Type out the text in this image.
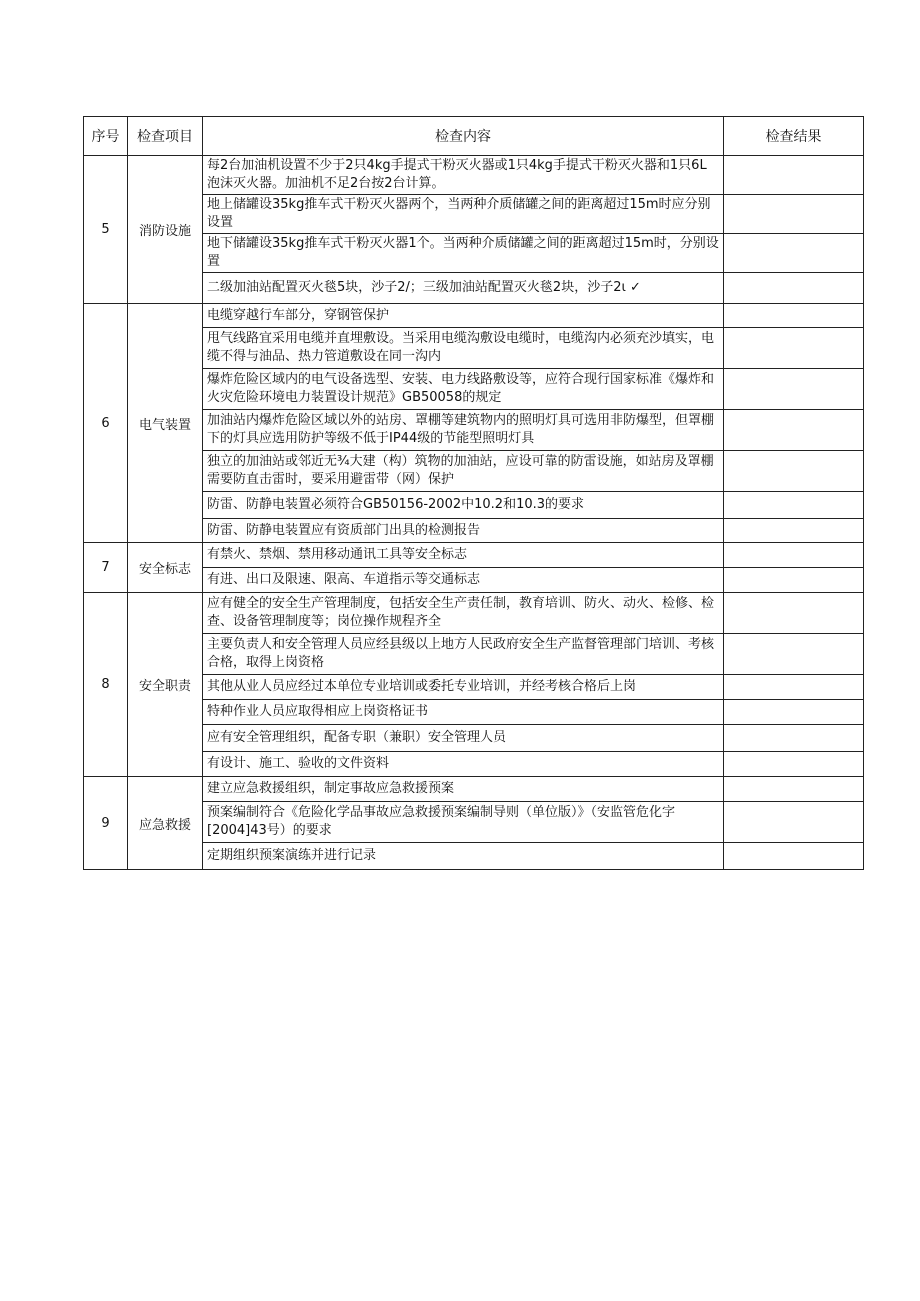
序号	检查项目	检查内容	检查结果
5	消防设施	每2台加油机设置不少于2只4kg手提式干粉灭火器或1只4kg手提式干粉灭火器和1只6L泡沫灭火器。加油机不足2台按2台计算。	
		地上储罐设35kg推车式干粉灭火器两个，当两种介质储罐之间的距离超过15m时应分别设置	
		地下储罐设35kg推车式干粉灭火器1个。当两种介质储罐之间的距离超过15m时，分别设置	
		二级加油站配置灭火毯5块，沙子2/；三级加油站配置灭火毯2块，沙子2ι ✓	
6	电气装置	电缆穿越行车部分，穿钢管保护	
		甩气线路宜采用电缆并直埋敷设。当采用电缆沟敷设电缆时，电缆沟内必须充沙填实，电缆不得与油品、热力管道敷设在同一沟内	
		爆炸危险区域内的电气设备选型、安装、电力线路敷设等，应符合现行国家标准《爆炸和火灾危险环境电力装置设计规范》GB50058的规定	
		加油站内爆炸危险区域以外的站房、罩棚等建筑物内的照明灯具可选用非防爆型，但罩棚下的灯具应选用防护等级不低于IP44级的节能型照明灯具	
		独立的加油站或邻近无¾大建（构）筑物的加油站，应设可靠的防雷设施，如站房及罩棚需要防直击雷时，要采用避雷带（网）保护	
		防雷、防静电装置必须符合GB50156-2002中10.2和10.3的要求	
		防雷、防静电装置应有资质部门出具的检测报告	
7	安全标志	有禁火、禁烟、禁用移动通讯工具等安全标志	
		有进、出口及限速、限高、车道指示等交通标志	
8	安全职责	应有健全的安全生产管理制度，包括安全生产责任制，教育培训、防火、动火、检修、检查、设备管理制度等；岗位操作规程齐全	
		主要负责人和安全管理人员应经县级以上地方人民政府安全生产监督管理部门培训、考核合格，取得上岗资格	
		其他从业人员应经过本单位专业培训或委托专业培训，并经考核合格后上岗	
		特种作业人员应取得相应上岗资格证书	
		应有安全管理组织，配备专职（兼职）安全管理人员	
		有设计、施工、验收的文件资料	
9	应急救援	建立应急救援组织，制定事故应急救援预案	
		预案编制符合《危险化学品事故应急救援预案编制导则（单位版）》（安监管危化字[2004]43号）的要求	
		定期组织预案演练并进行记录	
